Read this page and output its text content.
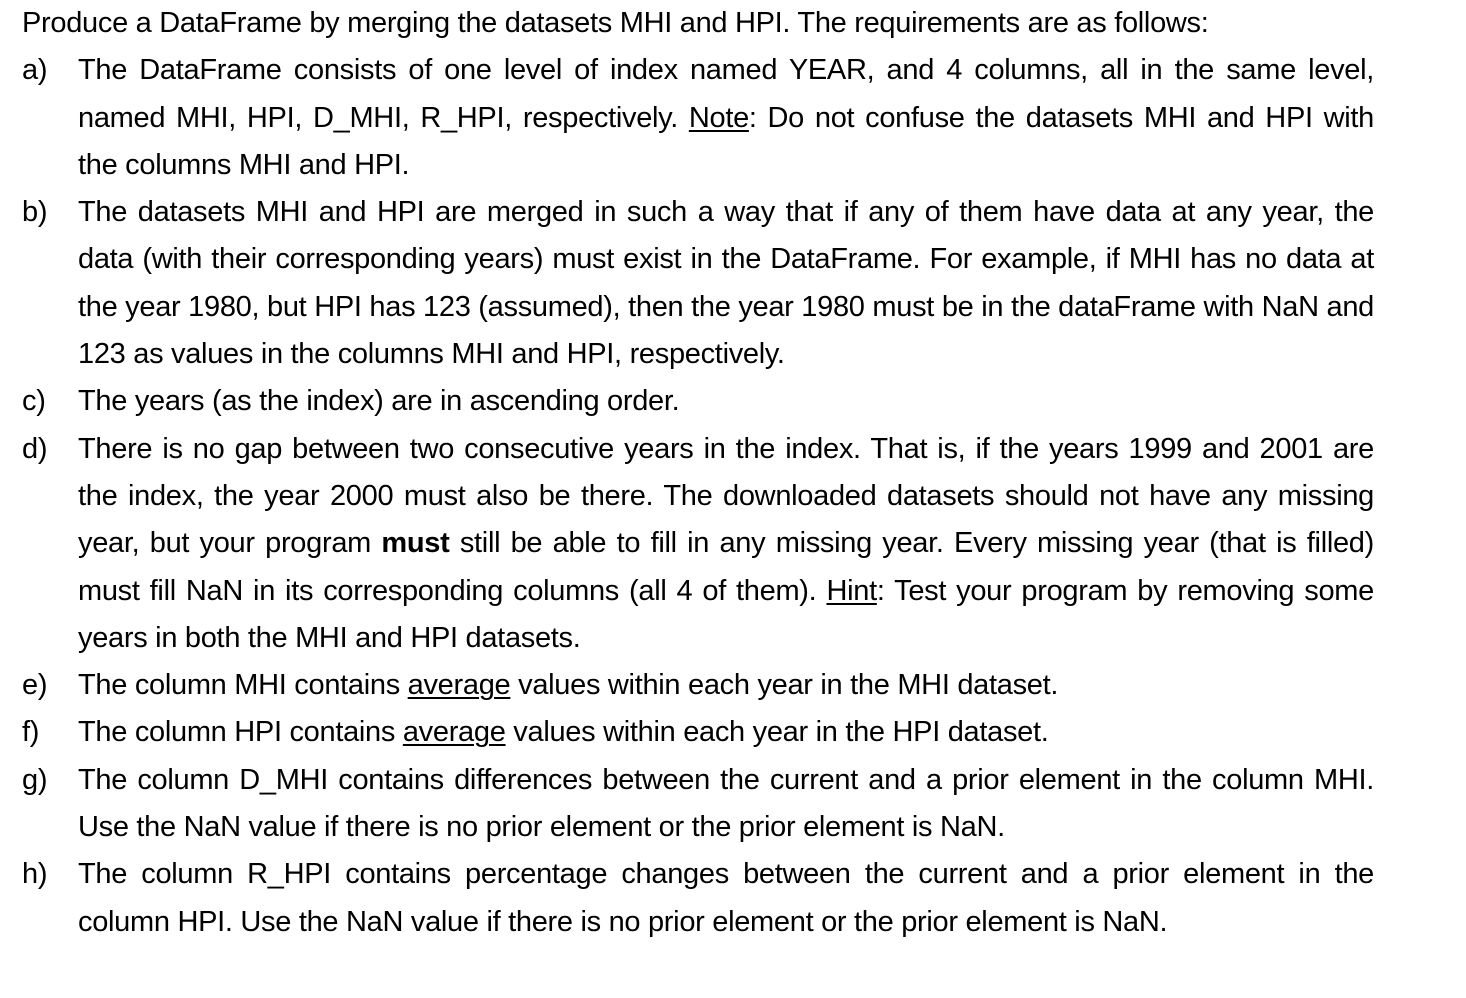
Produce a DataFrame by merging the datasets MHI and HPI. The requirements are as follows:

a)	The DataFrame consists of one level of index named YEAR, and 4 columns, all in the same level, named MHI, HPI, D_MHI, R_HPI, respectively. Note: Do not confuse the datasets MHI and HPI with the columns MHI and HPI.
b)	The datasets MHI and HPI are merged in such a way that if any of them have data at any year, the data (with their corresponding years) must exist in the DataFrame. For example, if MHI has no data at the year 1980, but HPI has 123 (assumed), then the year 1980 must be in the dataFrame with NaN and 123 as values in the columns MHI and HPI, respectively.
c)	The years (as the index) are in ascending order.
d)	There is no gap between two consecutive years in the index. That is, if the years 1999 and 2001 are the index, the year 2000 must also be there. The downloaded datasets should not have any missing year, but your program must still be able to fill in any missing year. Every missing year (that is filled) must fill NaN in its corresponding columns (all 4 of them). Hint: Test your program by removing some years in both the MHI and HPI datasets.
e)	The column MHI contains average values within each year in the MHI dataset.
f)	The column HPI contains average values within each year in the HPI dataset.
g)	The column D_MHI contains differences between the current and a prior element in the column MHI. Use the NaN value if there is no prior element or the prior element is NaN.
h)	The column R_HPI contains percentage changes between the current and a prior element in the column HPI. Use the NaN value if there is no prior element or the prior element is NaN.
